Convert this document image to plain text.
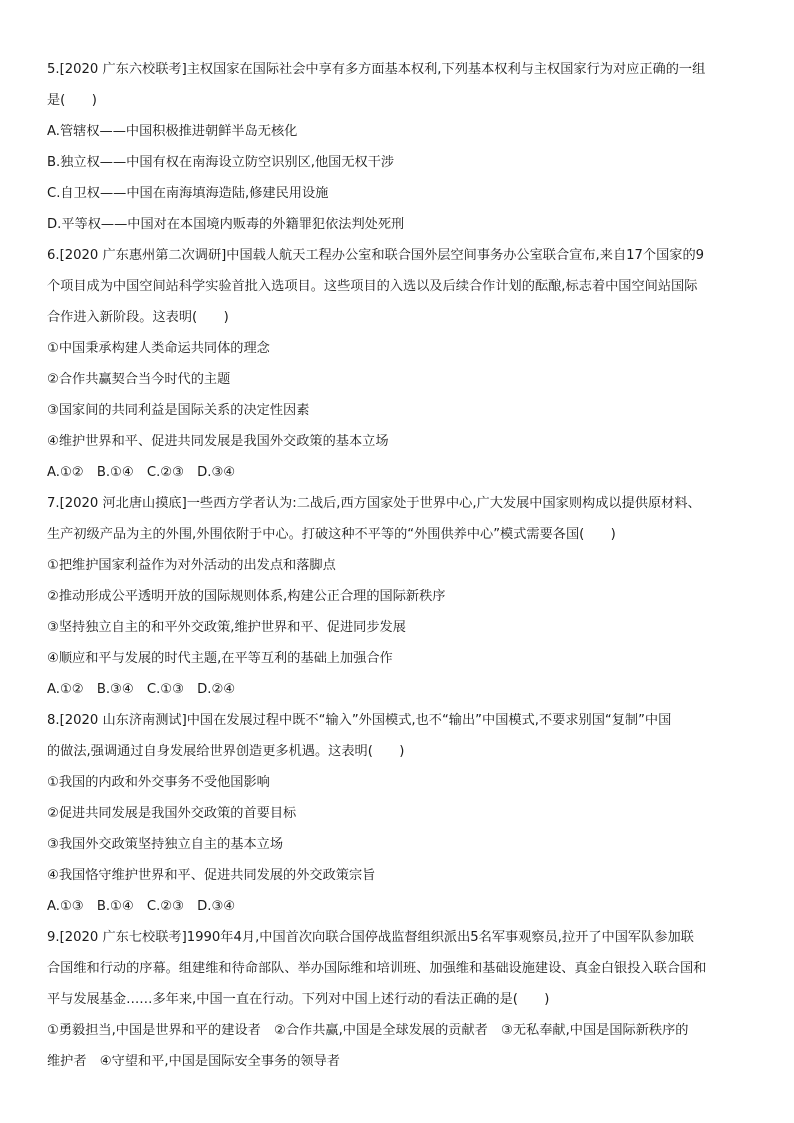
5.[2020 广东六校联考]主权国家在国际社会中享有多方面基本权利,下列基本权利与主权国家行为对应正确的一组
是(　　)
A.管辖权——中国积极推进朝鲜半岛无核化
B.独立权——中国有权在南海设立防空识别区,他国无权干涉
C.自卫权——中国在南海填海造陆,修建民用设施
D.平等权——中国对在本国境内贩毒的外籍罪犯依法判处死刑
6.[2020 广东惠州第二次调研]中国载人航天工程办公室和联合国外层空间事务办公室联合宣布,来自17个国家的9
个项目成为中国空间站科学实验首批入选项目。这些项目的入选以及后续合作计划的酝酿,标志着中国空间站国际
合作进入新阶段。这表明(　　)
①中国秉承构建人类命运共同体的理念
②合作共赢契合当今时代的主题
③国家间的共同利益是国际关系的决定性因素
④维护世界和平、促进共同发展是我国外交政策的基本立场
A.①②　B.①④　C.②③　D.③④
7.[2020 河北唐山摸底]一些西方学者认为:二战后,西方国家处于世界中心,广大发展中国家则构成以提供原材料、
生产初级产品为主的外围,外围依附于中心。打破这种不平等的“外围供养中心”模式需要各国(　　)
①把维护国家利益作为对外活动的出发点和落脚点
②推动形成公平透明开放的国际规则体系,构建公正合理的国际新秩序
③坚持独立自主的和平外交政策,维护世界和平、促进同步发展
④顺应和平与发展的时代主题,在平等互利的基础上加强合作
A.①②　B.③④　C.①③　D.②④
8.[2020 山东济南测试]中国在发展过程中既不“输入”外国模式,也不“输出”中国模式,不要求别国“复制”中国
的做法,强调通过自身发展给世界创造更多机遇。这表明(　　)
①我国的内政和外交事务不受他国影响
②促进共同发展是我国外交政策的首要目标
③我国外交政策坚持独立自主的基本立场
④我国恪守维护世界和平、促进共同发展的外交政策宗旨
A.①③　B.①④　C.②③　D.③④
9.[2020 广东七校联考]1990年4月,中国首次向联合国停战监督组织派出5名军事观察员,拉开了中国军队参加联
合国维和行动的序幕。组建维和待命部队、举办国际维和培训班、加强维和基础设施建设、真金白银投入联合国和
平与发展基金……多年来,中国一直在行动。下列对中国上述行动的看法正确的是(　　)
①勇毅担当,中国是世界和平的建设者　②合作共赢,中国是全球发展的贡献者　③无私奉献,中国是国际新秩序的
维护者　④守望和平,中国是国际安全事务的领导者
